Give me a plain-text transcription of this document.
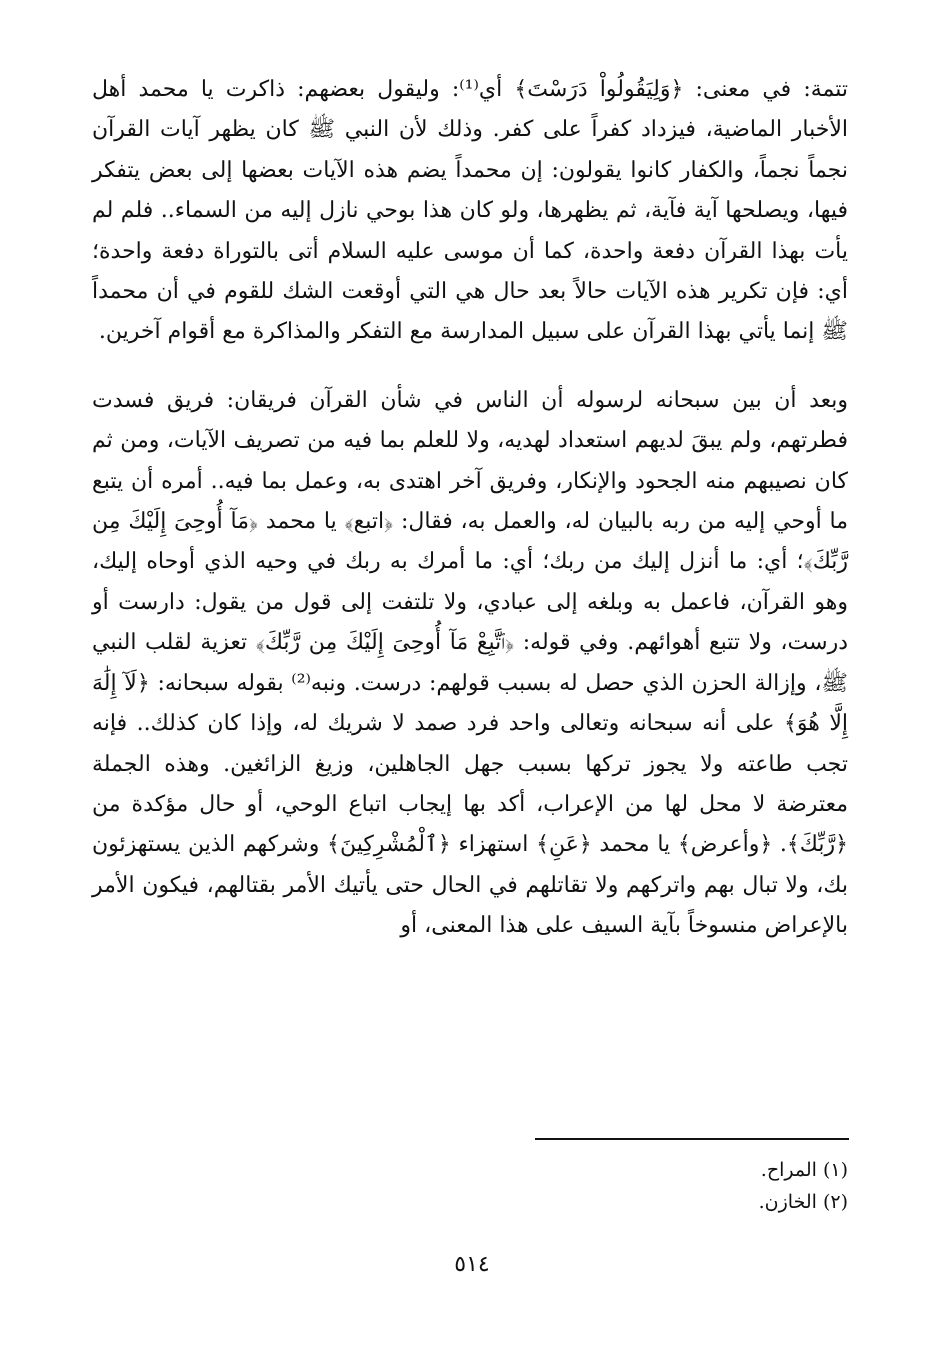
تتمة: في معنى: ﴿وَلِيَقُولُواْ دَرَسْتَ﴾ أي⁽¹⁾: وليقول بعضهم: ذاكرت يا محمد أهل الأخبار الماضية، فيزداد كفراً على كفر. وذلك لأن النبي ﷺ كان يظهر آيات القرآن نجماً نجماً، والكفار كانوا يقولون: إن محمداً يضم هذه الآيات بعضها إلى بعض يتفكر فيها، ويصلحها آية فآية، ثم يظهرها، ولو كان هذا بوحي نازل إليه من السماء.. فلم لم يأت بهذا القرآن دفعة واحدة، كما أن موسى عليه السلام أتى بالتوراة دفعة واحدة؛ أي: فإن تكرير هذه الآيات حالاً بعد حال هي التي أوقعت الشك للقوم في أن محمداً ﷺ إنما يأتي بهذا القرآن على سبيل المدارسة مع التفكر والمذاكرة مع أقوام آخرين.

وبعد أن بين سبحانه لرسوله أن الناس في شأن القرآن فريقان: فريق فسدت فطرتهم، ولم يبقَ لديهم استعداد لهديه، ولا للعلم بما فيه من تصريف الآيات، ومن ثم كان نصيبهم منه الجحود والإنكار، وفريق آخر اهتدى به، وعمل بما فيه.. أمره أن يتبع ما أوحي إليه من ربه بالبيان له، والعمل به، فقال: ﴿اتبع﴾ يا محمد ﴿مَآ أُوحِىَ إِلَيْكَ مِن رَّبِّكَ﴾؛ أي: ما أنزل إليك من ربك؛ أي: ما أمرك به ربك في وحيه الذي أوحاه إليك، وهو القرآن، فاعمل به وبلغه إلى عبادي، ولا تلتفت إلى قول من يقول: دارست أو درست، ولا تتبع أهوائهم. وفي قوله: ﴿ٱتَّبِعْ مَآ أُوحِىَ إِلَيْكَ مِن رَّبِّكَ﴾ تعزية لقلب النبي ﷺ، وإزالة الحزن الذي حصل له بسبب قولهم: درست. ونبه⁽²⁾ بقوله سبحانه: ﴿لَآ إِلَٰهَ إِلَّا هُوَ﴾ على أنه سبحانه وتعالى واحد فرد صمد لا شريك له، وإذا كان كذلك.. فإنه تجب طاعته ولا يجوز تركها بسبب جهل الجاهلين، وزيغ الزائغين. وهذه الجملة معترضة لا محل لها من الإعراب، أكد بها إيجاب اتباع الوحي، أو حال مؤكدة من ﴿رَّبِّكَ﴾. ﴿وأعرض﴾ يا محمد ﴿عَنِ﴾ استهزاء ﴿ٱلْمُشْرِكِينَ﴾ وشركهم الذين يستهزئون بك، ولا تبال بهم واتركهم ولا تقاتلهم في الحال حتى يأتيك الأمر بقتالهم، فيكون الأمر بالإعراض منسوخاً بآية السيف على هذا المعنى، أو

(١) المراح.
(٢) الخازن.
٥١٤
